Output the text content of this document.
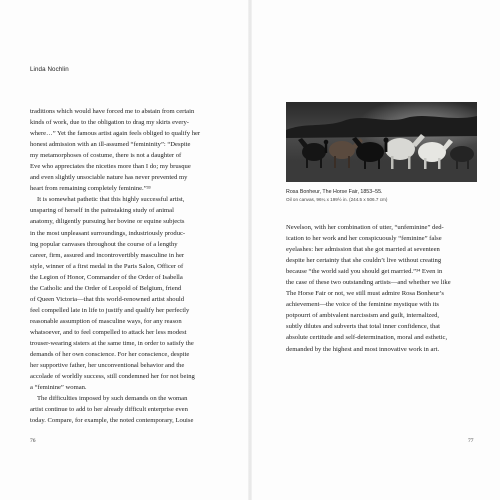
Linda Nochlin
traditions which would have forced me to abstain from certain
kinds of work, due to the obligation to drag my skirts every-
where…” Yet the famous artist again feels obliged to qualify her
honest admission with an ill-assumed “femininity”: “Despite
my metamorphoses of costume, there is not a daughter of
Eve who appreciates the niceties more than I do; my brusque
and even slightly unsociable nature has never prevented my
heart from remaining completely feminine.”³³
It is somewhat pathetic that this highly successful artist,
unsparing of herself in the painstaking study of animal
anatomy, diligently pursuing her bovine or equine subjects
in the most unpleasant surroundings, industriously produc-
ing popular canvases throughout the course of a lengthy
career, firm, assured and incontrovertibly masculine in her
style, winner of a first medal in the Paris Salon, Officer of
the Legion of Honor, Commander of the Order of Isabella
the Catholic and the Order of Leopold of Belgium, friend
of Queen Victoria—that this world-renowned artist should
feel compelled late in life to justify and qualify her perfectly
reasonable assumption of masculine ways, for any reason
whatsoever, and to feel compelled to attack her less modest
trouser-wearing sisters at the same time, in order to satisfy the
demands of her own conscience. For her conscience, despite
her supportive father, her unconventional behavior and the
accolade of worldly success, still condemned her for not being
a “feminine” woman.
The difficulties imposed by such demands on the woman
artist continue to add to her already difficult enterprise even
today. Compare, for example, the noted contemporary, Louise
Rosa Bonheur, The Horse Fair, 1853–55.
Oil on canvas, 96¼ x 199½ in. (244.5 x 506.7 cm)
Nevelson, with her combination of utter, “unfeminine” ded-
ication to her work and her conspicuously “feminine” false
eyelashes: her admission that she got married at seventeen
despite her certainty that she couldn’t live without creating
because “the world said you should get married.”³⁴ Even in
the case of these two outstanding artists—and whether we like
The Horse Fair or not, we still must admire Rosa Bonheur’s
achievement—the voice of the feminine mystique with its
potpourri of ambivalent narcissism and guilt, internalized,
subtly dilutes and subverts that total inner confidence, that
absolute certitude and self-determination, moral and esthetic,
demanded by the highest and most innovative work in art.
76	77
